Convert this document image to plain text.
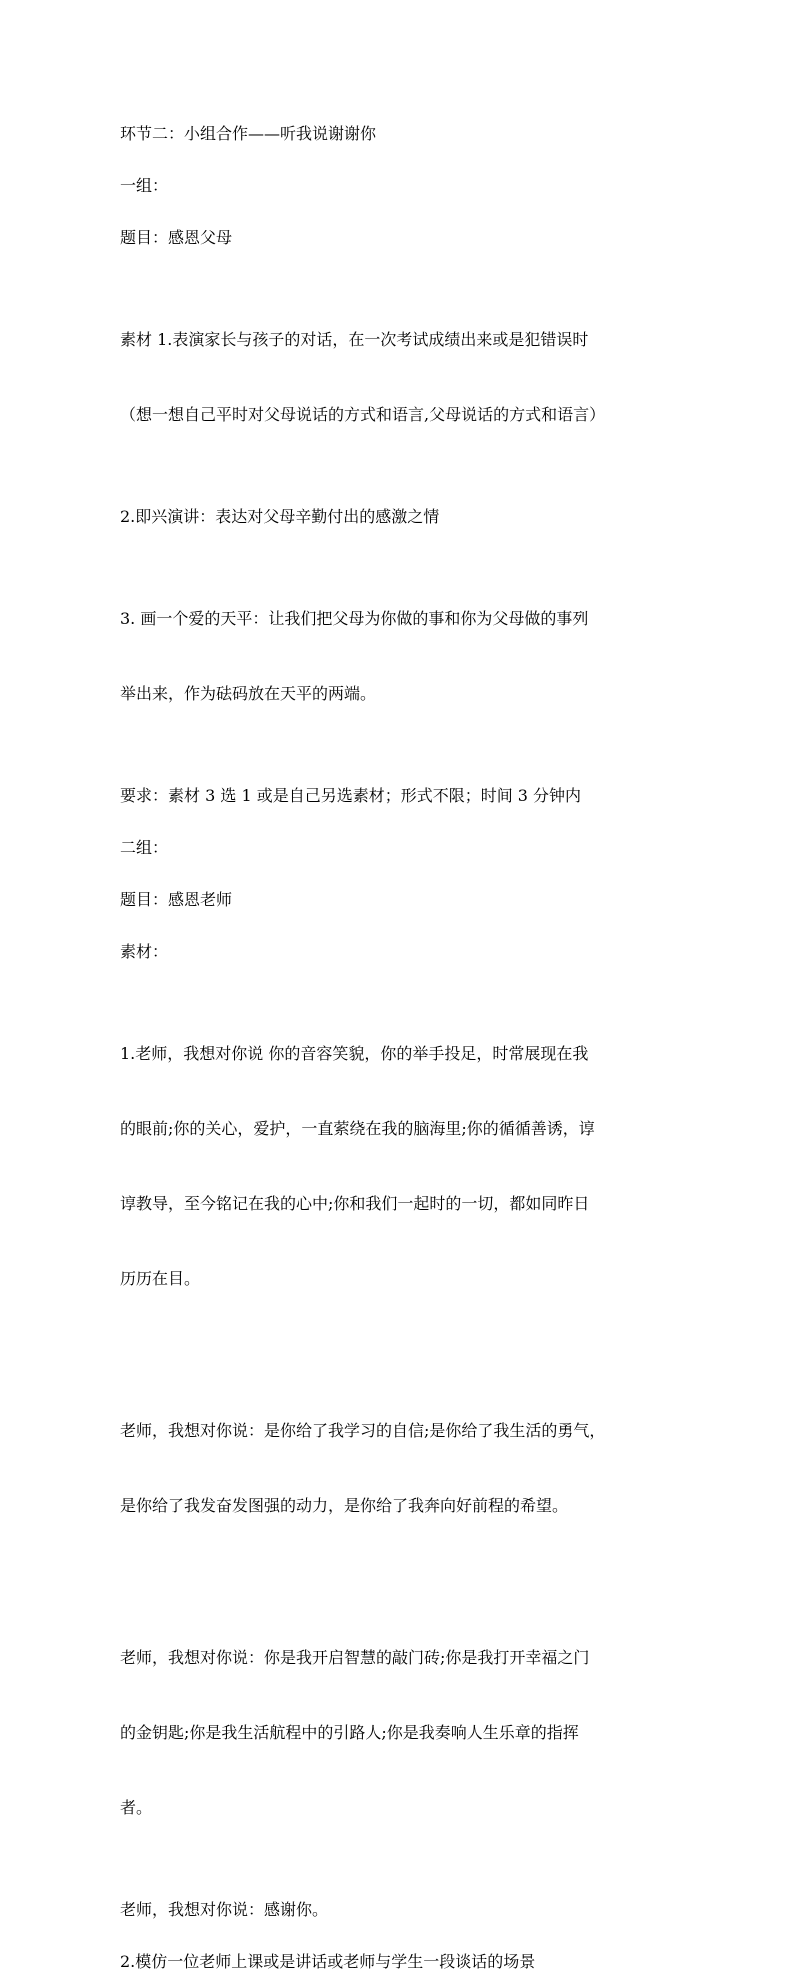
环节二：小组合作——听我说谢谢你

一组：

题目：感恩父母

素材 1.表演家长与孩子的对话，在一次考试成绩出来或是犯错误时

（想一想自己平时对父母说话的方式和语言,父母说话的方式和语言）

2.即兴演讲：表达对父母辛勤付出的感激之情

3. 画一个爱的天平：让我们把父母为你做的事和你为父母做的事列

举出来，作为砝码放在天平的两端。

要求：素材 3 选 1 或是自己另选素材；形式不限；时间 3 分钟内

二组：

题目：感恩老师

素材：

1.老师，我想对你说 你的音容笑貌，你的举手投足，时常展现在我

的眼前;你的关心，爱护，一直萦绕在我的脑海里;你的循循善诱，谆

谆教导，至今铭记在我的心中;你和我们一起时的一切，都如同昨日

历历在目。

老师，我想对你说：是你给了我学习的自信;是你给了我生活的勇气，

是你给了我发奋发图强的动力，是你给了我奔向好前程的希望。

老师，我想对你说：你是我开启智慧的敲门砖;你是我打开幸福之门

的金钥匙;你是我生活航程中的引路人;你是我奏响人生乐章的指挥

者。

老师，我想对你说：感谢你。

2.模仿一位老师上课或是讲话或老师与学生一段谈话的场景
